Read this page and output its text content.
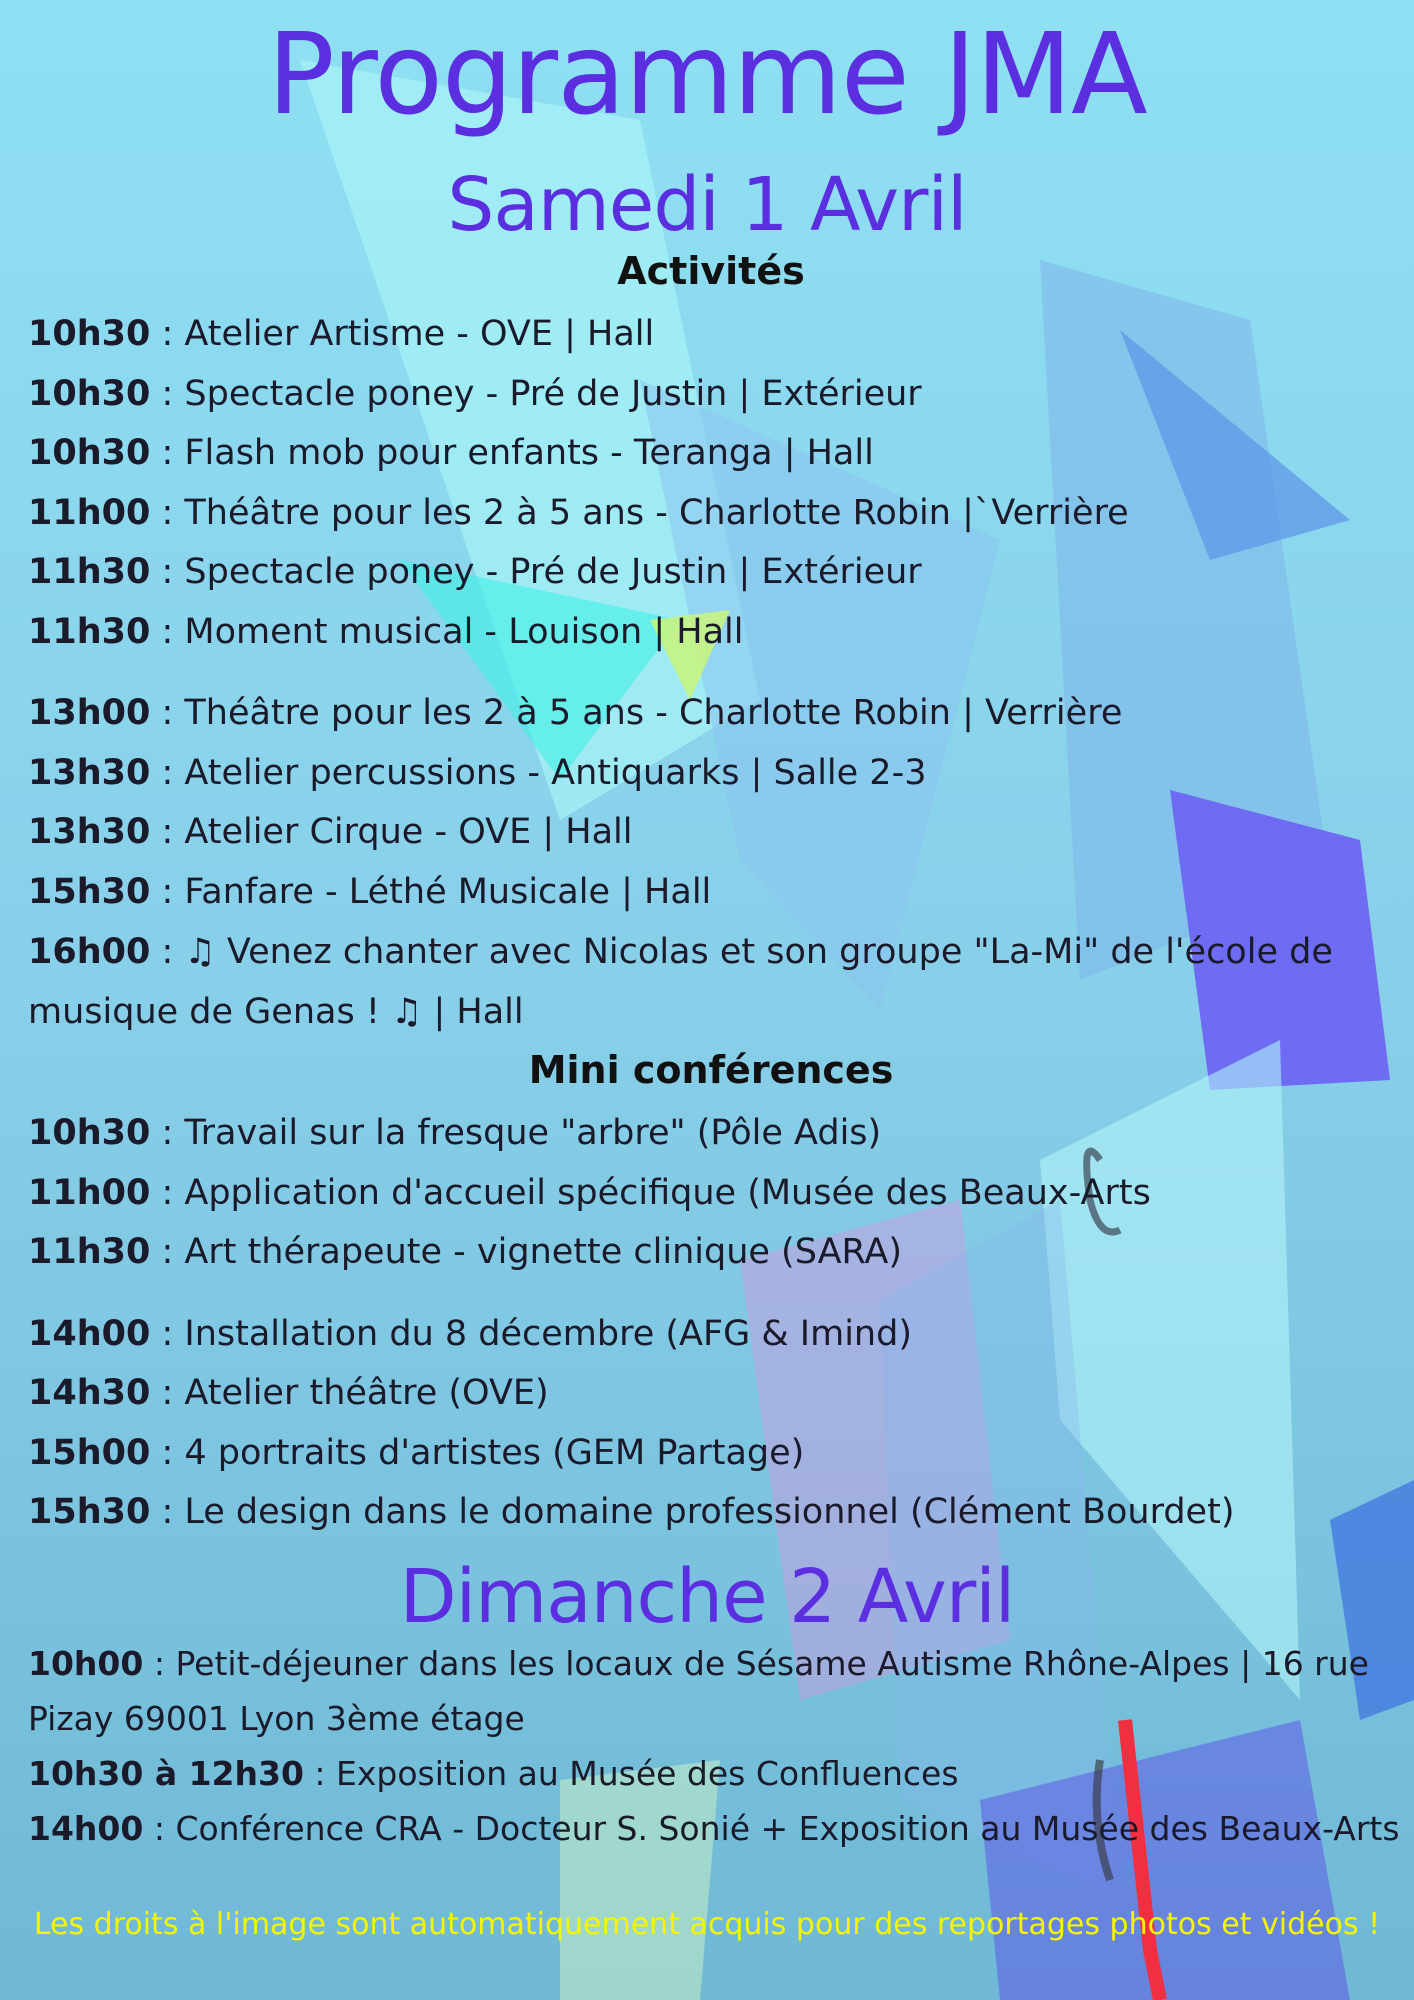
Programme JMA
Samedi 1 Avril
Activités
10h30 : Atelier Artisme - OVE | Hall
10h30 : Spectacle poney - Pré de Justin | Extérieur
10h30 : Flash mob pour enfants - Teranga | Hall
11h00 : Théâtre pour les 2 à 5 ans - Charlotte Robin |`Verrière
11h30 : Spectacle poney - Pré de Justin | Extérieur
11h30 : Moment musical - Louison | Hall
13h00 : Théâtre pour les 2 à 5 ans - Charlotte Robin | Verrière
13h30 : Atelier percussions - Antiquarks | Salle 2-3
13h30 : Atelier Cirque - OVE | Hall
15h30 : Fanfare - Léthé Musicale | Hall
16h00 : ♫ Venez chanter avec Nicolas et son groupe "La-Mi" de l'école de musique de Genas ! ♫ | Hall
Mini conférences
10h30 : Travail sur la fresque "arbre" (Pôle Adis)
11h00 : Application d'accueil spécifique (Musée des Beaux-Arts
11h30 : Art thérapeute - vignette clinique (SARA)
14h00 : Installation du 8 décembre (AFG & Imind)
14h30 : Atelier théâtre (OVE)
15h00 : 4 portraits d'artistes (GEM Partage)
15h30 : Le design dans le domaine professionnel (Clément Bourdet)
Dimanche 2 Avril
10h00 : Petit-déjeuner dans les locaux de Sésame Autisme Rhône-Alpes | 16 rue Pizay 69001 Lyon 3ème étage
10h30 à 12h30 : Exposition au Musée des Confluences
14h00 : Conférence CRA - Docteur S. Sonié + Exposition au Musée des Beaux-Arts
Les droits à l'image sont automatiquement acquis pour des reportages photos et vidéos !
